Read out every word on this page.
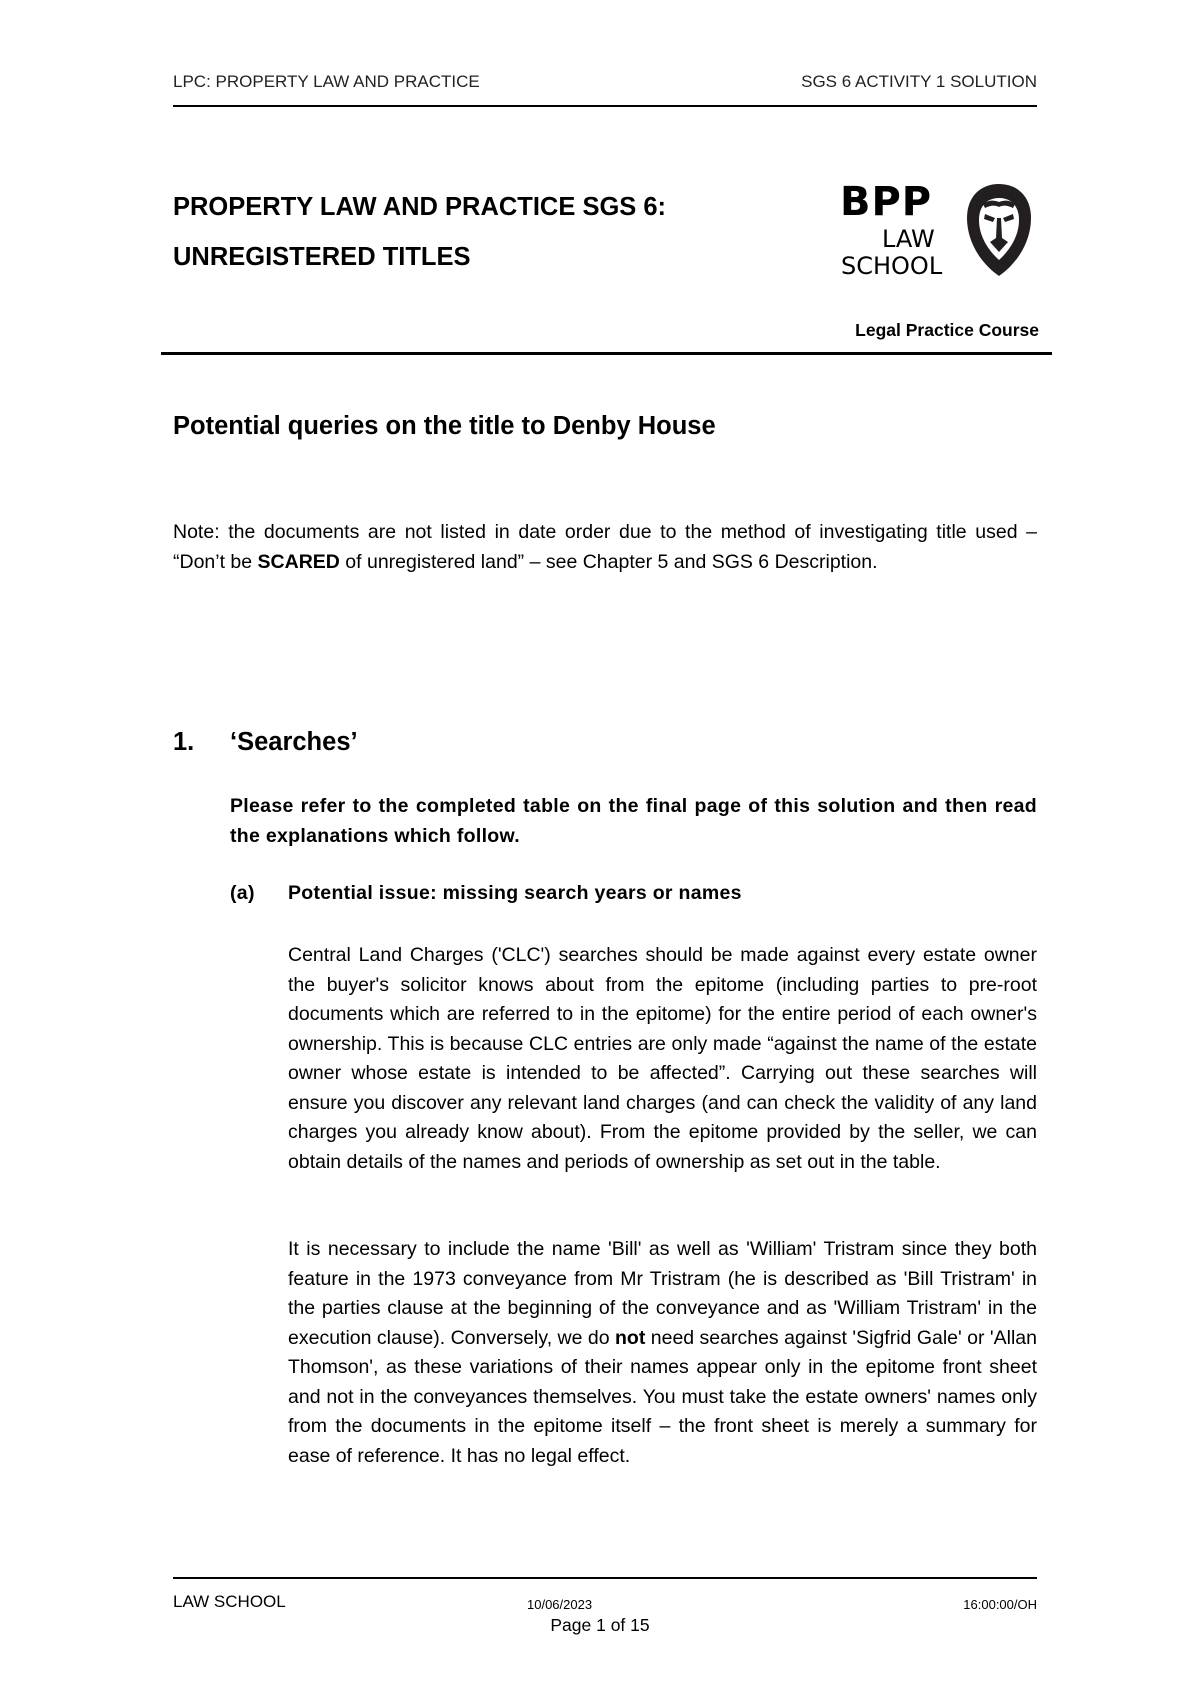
LPC: PROPERTY LAW AND PRACTICE	SGS 6 ACTIVITY 1 SOLUTION
PROPERTY LAW AND PRACTICE SGS 6:
UNREGISTERED TITLES
BPP
LAW
SCHOOL
Legal Practice Course
Potential queries on the title to Denby House

Note: the documents are not listed in date order due to the method of investigating title used – “Don’t be SCARED of unregistered land” – see Chapter 5 and SGS 6 Description.

1.	‘Searches’

Please refer to the completed table on the final page of this solution and then read the explanations which follow.

(a)	Potential issue: missing search years or names

Central Land Charges ('CLC') searches should be made against every estate owner the buyer's solicitor knows about from the epitome (including parties to pre-root documents which are referred to in the epitome) for the entire period of each owner's ownership. This is because CLC entries are only made “against the name of the estate owner whose estate is intended to be affected”. Carrying out these searches will ensure you discover any relevant land charges (and can check the validity of any land charges you already know about). From the epitome provided by the seller, we can obtain details of the names and periods of ownership as set out in the table.

It is necessary to include the name 'Bill' as well as 'William' Tristram since they both feature in the 1973 conveyance from Mr Tristram (he is described as 'Bill Tristram' in the parties clause at the beginning of the conveyance and as 'William Tristram' in the execution clause). Conversely, we do not need searches against 'Sigfrid Gale' or 'Allan Thomson', as these variations of their names appear only in the epitome front sheet and not in the conveyances themselves. You must take the estate owners' names only from the documents in the epitome itself – the front sheet is merely a summary for ease of reference. It has no legal effect.

LAW SCHOOL	10/06/2023	16:00:00/OH
Page 1 of 15
